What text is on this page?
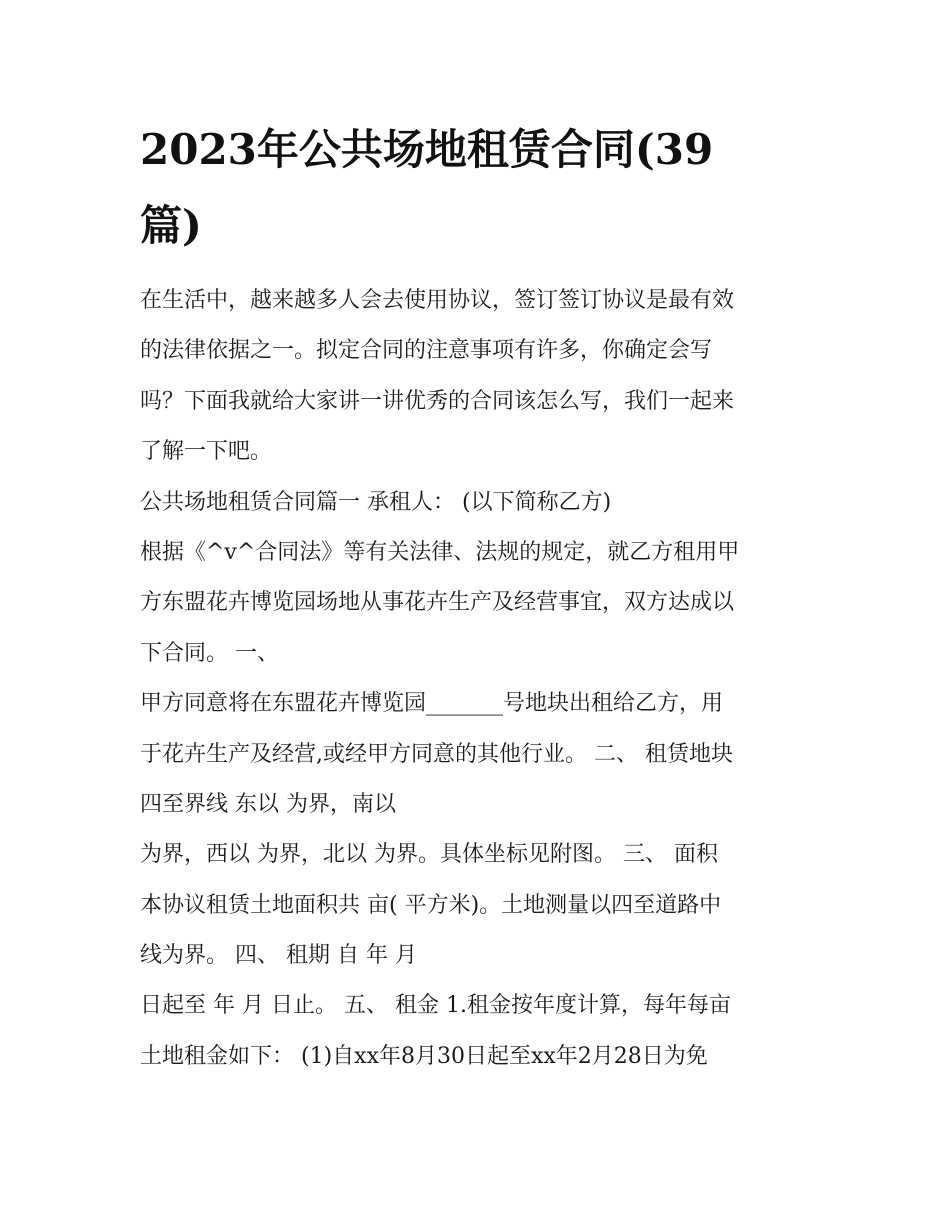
2023年公共场地租赁合同(39
篇)
在生活中，越来越多人会去使用协议，签订签订协议是最有效
的法律依据之一。拟定合同的注意事项有许多，你确定会写
吗？下面我就给大家讲一讲优秀的合同该怎么写，我们一起来
了解一下吧。
公共场地租赁合同篇一 承租人： (以下简称乙方)
根据《^v^合同法》等有关法律、法规的规定，就乙方租用甲
方东盟花卉博览园场地从事花卉生产及经营事宜，双方达成以
下合同。 一、
甲方同意将在东盟花卉博览园_______号地块出租给乙方，用
于花卉生产及经营,或经甲方同意的其他行业。 二、 租赁地块
四至界线 东以 为界，南以
为界，西以 为界，北以 为界。具体坐标见附图。 三、 面积
本协议租赁土地面积共 亩( 平方米)。土地测量以四至道路中
线为界。 四、 租期 自 年 月
日起至 年 月 日止。 五、 租金 1.租金按年度计算，每年每亩
土地租金如下： (1)自xx年8月30日起至xx年2月28日为免
